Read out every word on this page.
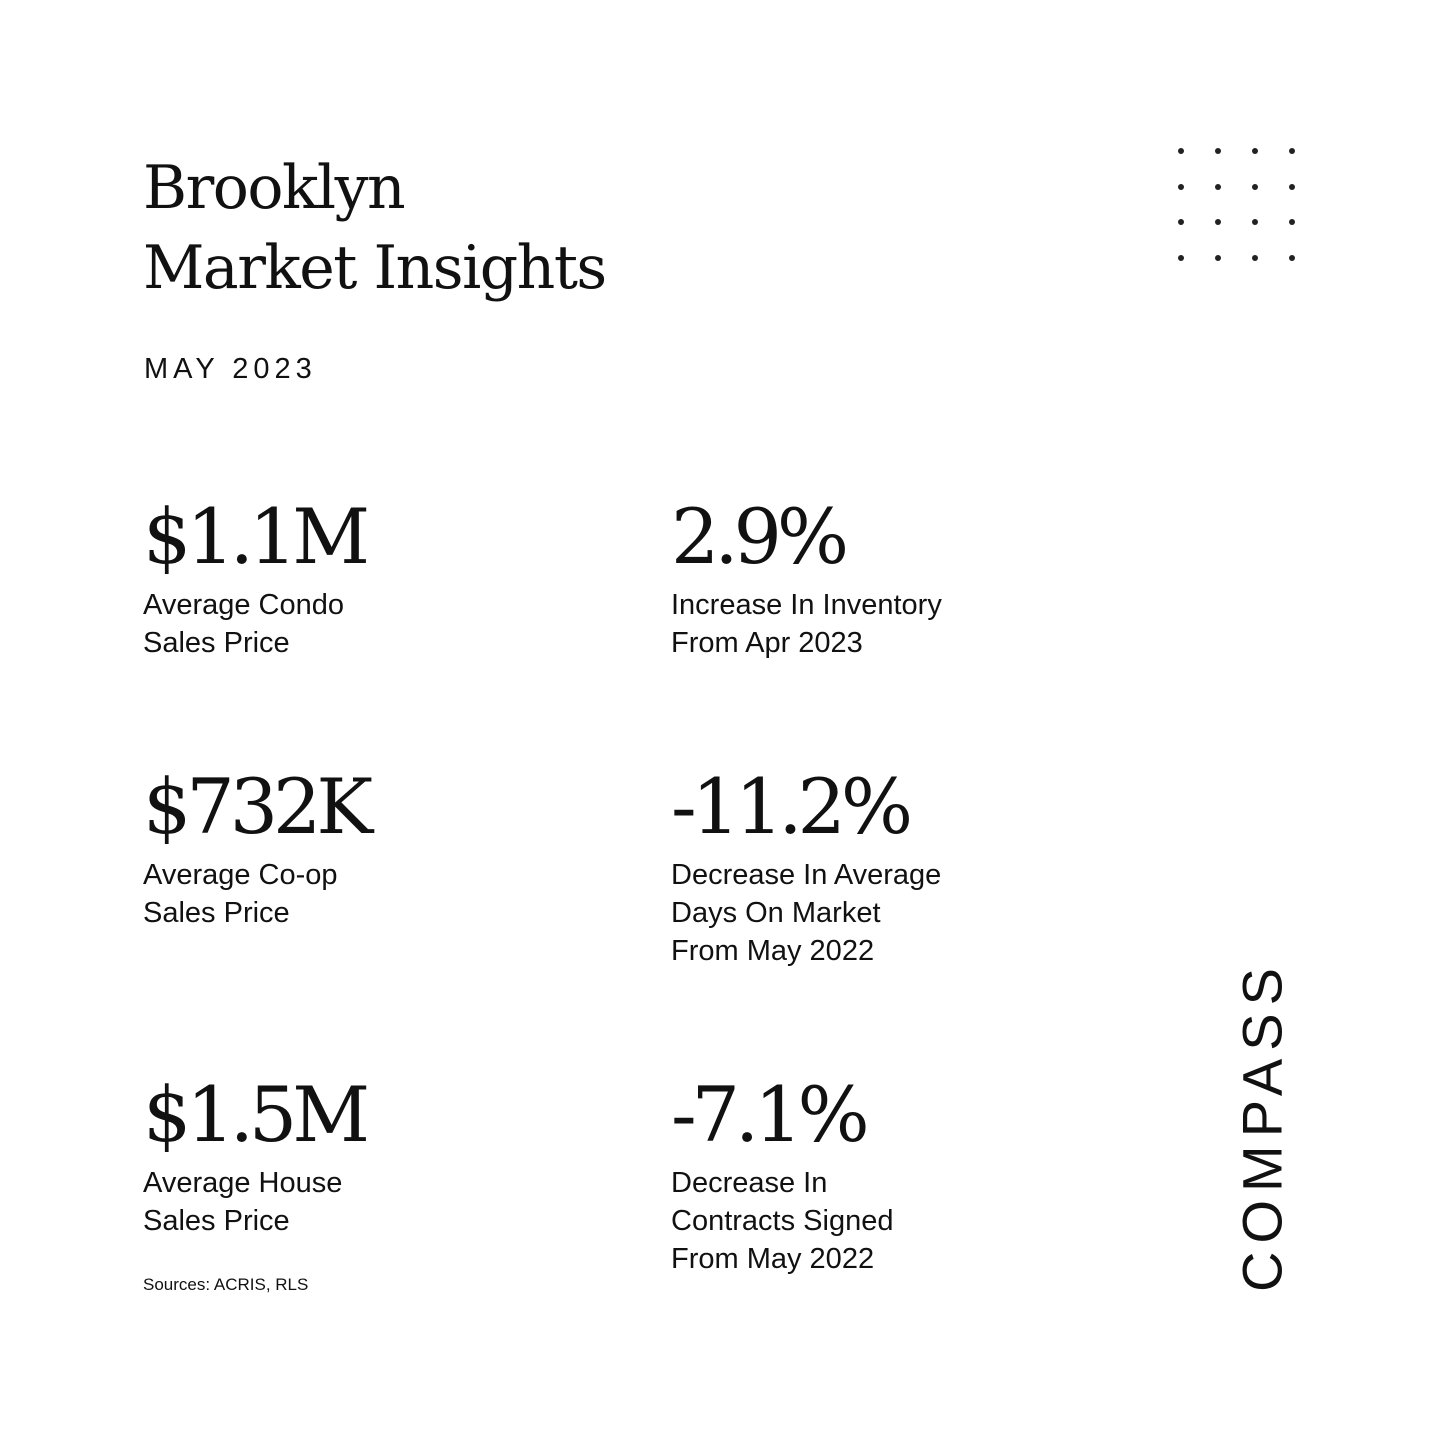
Brooklyn
Market Insights
MAY 2023
$1.1M
Average Condo
Sales Price
2.9%
Increase In Inventory
From Apr 2023
$732K
Average Co-op
Sales Price
-11.2%
Decrease In Average
Days On Market
From May 2022
$1.5M
Average House
Sales Price
-7.1%
Decrease In
Contracts Signed
From May 2022
Sources: ACRIS, RLS	COMPASS
